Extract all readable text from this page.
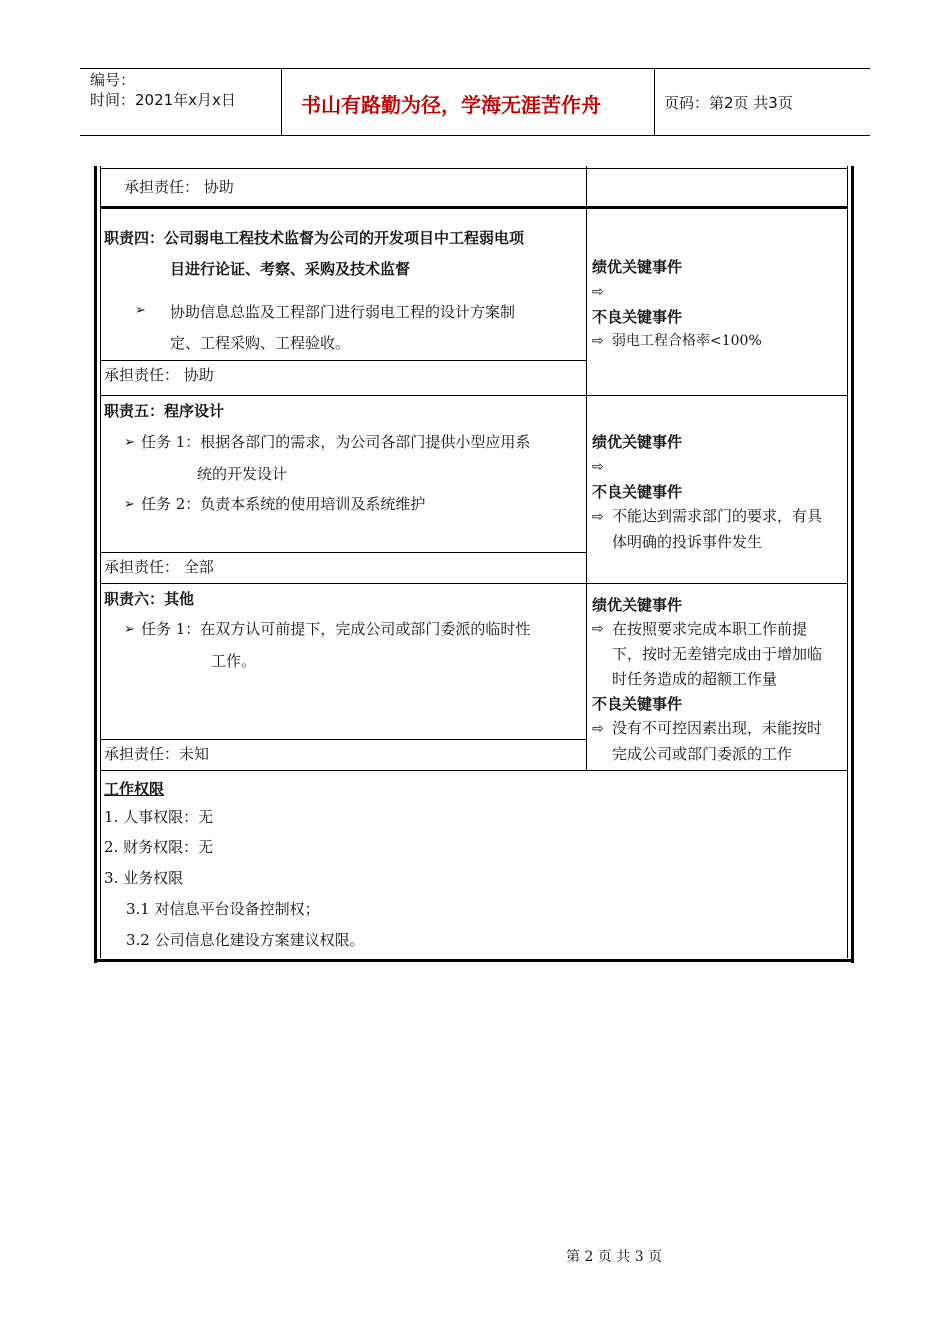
编号：
时间：2021年x月x日	书山有路勤为径，学海无涯苦作舟	页码：第2页 共3页
承担责任： 协助
职责四：公司弱电工程技术监督为公司的开发项目中工程弱电项
目进行论证、考察、采购及技术监督
➢ 协助信息总监及工程部门进行弱电工程的设计方案制
定、工程采购、工程验收。
承担责任： 协助
绩优关键事件
⇨
不良关键事件
⇨ 弱电工程合格率<100%
职责五：程序设计
➢ 任务 1：根据各部门的需求，为公司各部门提供小型应用系
统的开发设计
➢ 任务 2：负责本系统的使用培训及系统维护
承担责任： 全部
绩优关键事件
⇨
不良关键事件
⇨ 不能达到需求部门的要求，有具
体明确的投诉事件发生
职责六：其他
➢ 任务 1：在双方认可前提下，完成公司或部门委派的临时性
工作。
承担责任：未知
绩优关键事件
⇨ 在按照要求完成本职工作前提
下，按时无差错完成由于增加临
时任务造成的超额工作量
不良关键事件
⇨ 没有不可控因素出现，未能按时
完成公司或部门委派的工作
工作权限
1. 人事权限：无
2. 财务权限：无
3. 业务权限
3.1 对信息平台设备控制权；
3.2 公司信息化建设方案建议权限。
第 2 页 共 3 页
